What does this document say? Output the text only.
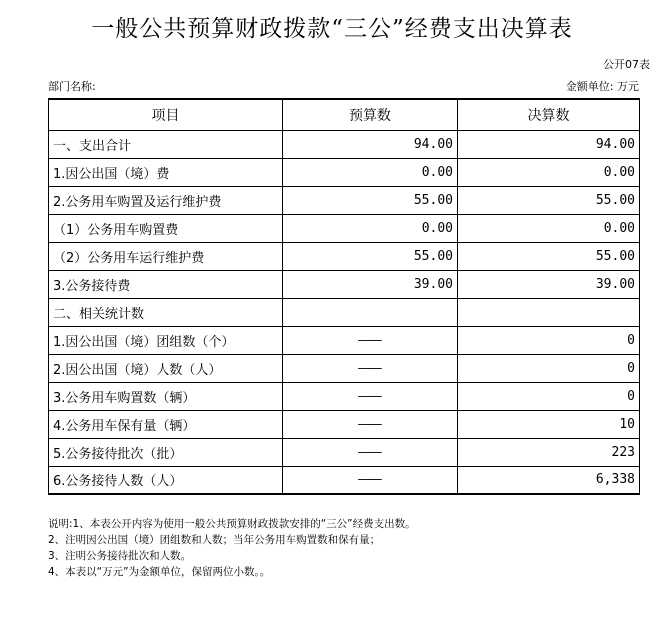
一般公共预算财政拨款“三公”经费支出决算表
公开07表
部门名称:	金额单位: 万元
项目	预算数	决算数
一、支出合计	94.00	94.00
1.因公出国（境）费	0.00	0.00
2.公务用车购置及运行维护费	55.00	55.00
（1）公务用车购置费	0.00	0.00
（2）公务用车运行维护费	55.00	55.00
3.公务接待费	39.00	39.00
二、相关统计数		
1.因公出国（境）团组数（个）	———	0
2.因公出国（境）人数（人）	———	0
3.公务用车购置数（辆）	———	0
4.公务用车保有量（辆）	———	10
5.公务接待批次（批）	———	223
6.公务接待人数（人）	———	6,338
说明:1、本表公开内容为使用一般公共预算财政拨款安排的“三公”经费支出数。
2、注明因公出国（境）团组数和人数；当年公务用车购置数和保有量；
3、注明公务接待批次和人数。
4、本表以“万元”为金额单位，保留两位小数。。
